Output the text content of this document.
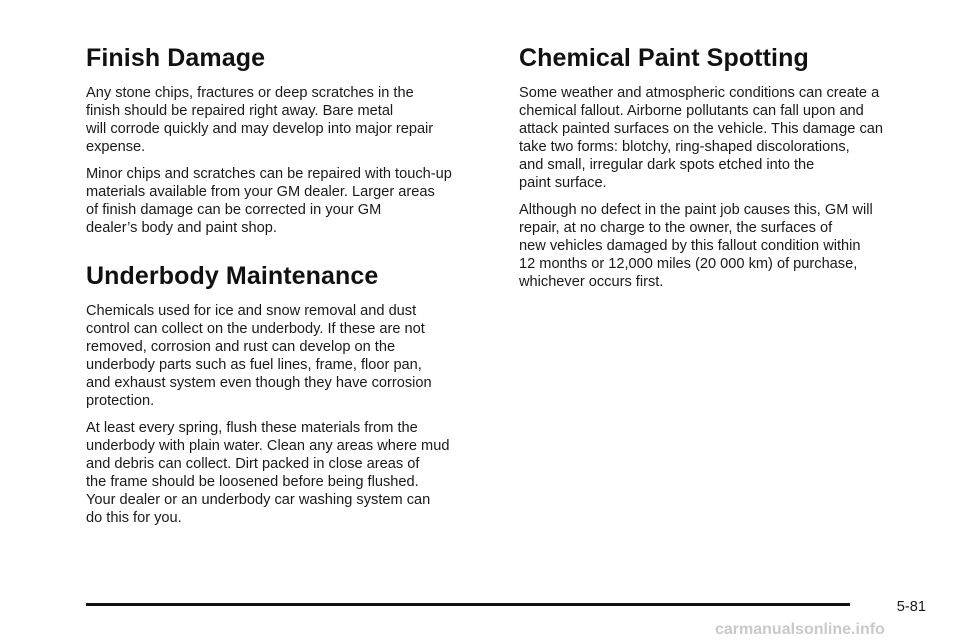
Finish Damage

Any stone chips, fractures or deep scratches in the
finish should be repaired right away. Bare metal
will corrode quickly and may develop into major repair
expense.

Minor chips and scratches can be repaired with touch-up
materials available from your GM dealer. Larger areas
of finish damage can be corrected in your GM
dealer’s body and paint shop.

Underbody Maintenance

Chemicals used for ice and snow removal and dust
control can collect on the underbody. If these are not
removed, corrosion and rust can develop on the
underbody parts such as fuel lines, frame, floor pan,
and exhaust system even though they have corrosion
protection.

At least every spring, flush these materials from the
underbody with plain water. Clean any areas where mud
and debris can collect. Dirt packed in close areas of
the frame should be loosened before being flushed.
Your dealer or an underbody car washing system can
do this for you.

Chemical Paint Spotting

Some weather and atmospheric conditions can create a
chemical fallout. Airborne pollutants can fall upon and
attack painted surfaces on the vehicle. This damage can
take two forms: blotchy, ring-shaped discolorations,
and small, irregular dark spots etched into the
paint surface.

Although no defect in the paint job causes this, GM will
repair, at no charge to the owner, the surfaces of
new vehicles damaged by this fallout condition within
12 months or 12,000 miles (20 000 km) of purchase,
whichever occurs first.

5-81
carmanualsonline.info
